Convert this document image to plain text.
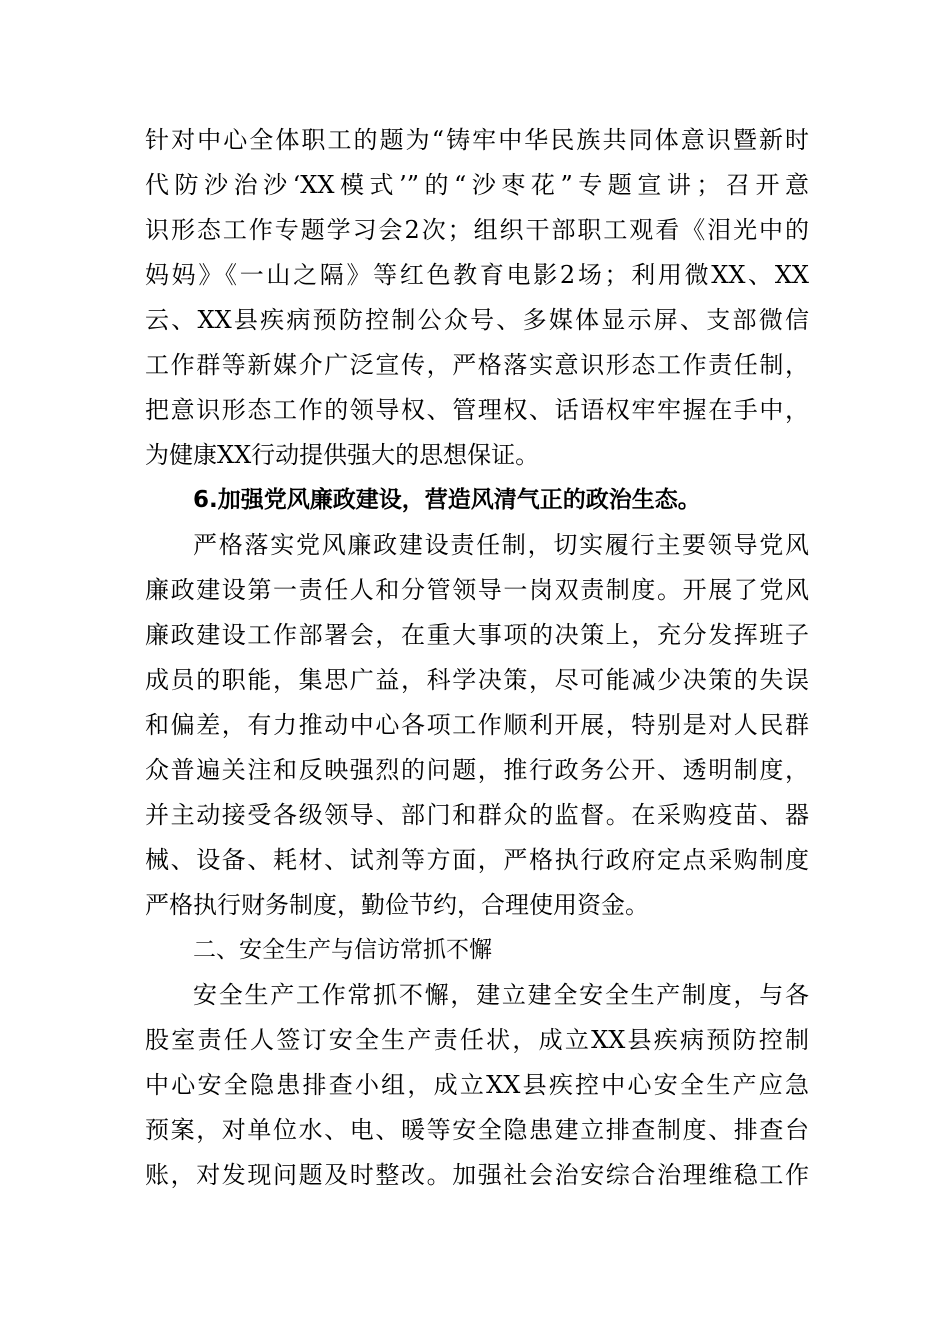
针对中心全体职工的题为“铸牢中华民族共同体意识暨新时
代防沙治沙‘XX模式’”的“沙枣花”专题宣讲；召开意
识形态工作专题学习会2次；组织干部职工观看《泪光中的
妈妈》《一山之隔》等红色教育电影2场；利用微XX、XX
云、XX县疾病预防控制公众号、多媒体显示屏、支部微信
工作群等新媒介广泛宣传，严格落实意识形态工作责任制，
把意识形态工作的领导权、管理权、话语权牢牢握在手中，
为健康XX行动提供强大的思想保证。
6.加强党风廉政建设，营造风清气正的政治生态。
严格落实党风廉政建设责任制，切实履行主要领导党风
廉政建设第一责任人和分管领导一岗双责制度。开展了党风
廉政建设工作部署会，在重大事项的决策上，充分发挥班子
成员的职能，集思广益，科学决策，尽可能减少决策的失误
和偏差，有力推动中心各项工作顺利开展，特别是对人民群
众普遍关注和反映强烈的问题，推行政务公开、透明制度，
并主动接受各级领导、部门和群众的监督。在采购疫苗、器
械、设备、耗材、试剂等方面，严格执行政府定点采购制度
严格执行财务制度，勤俭节约，合理使用资金。
二、安全生产与信访常抓不懈
安全生产工作常抓不懈，建立建全安全生产制度，与各
股室责任人签订安全生产责任状，成立XX县疾病预防控制
中心安全隐患排查小组，成立XX县疾控中心安全生产应急
预案，对单位水、电、暖等安全隐患建立排查制度、排查台
账，对发现问题及时整改。加强社会治安综合治理维稳工作
